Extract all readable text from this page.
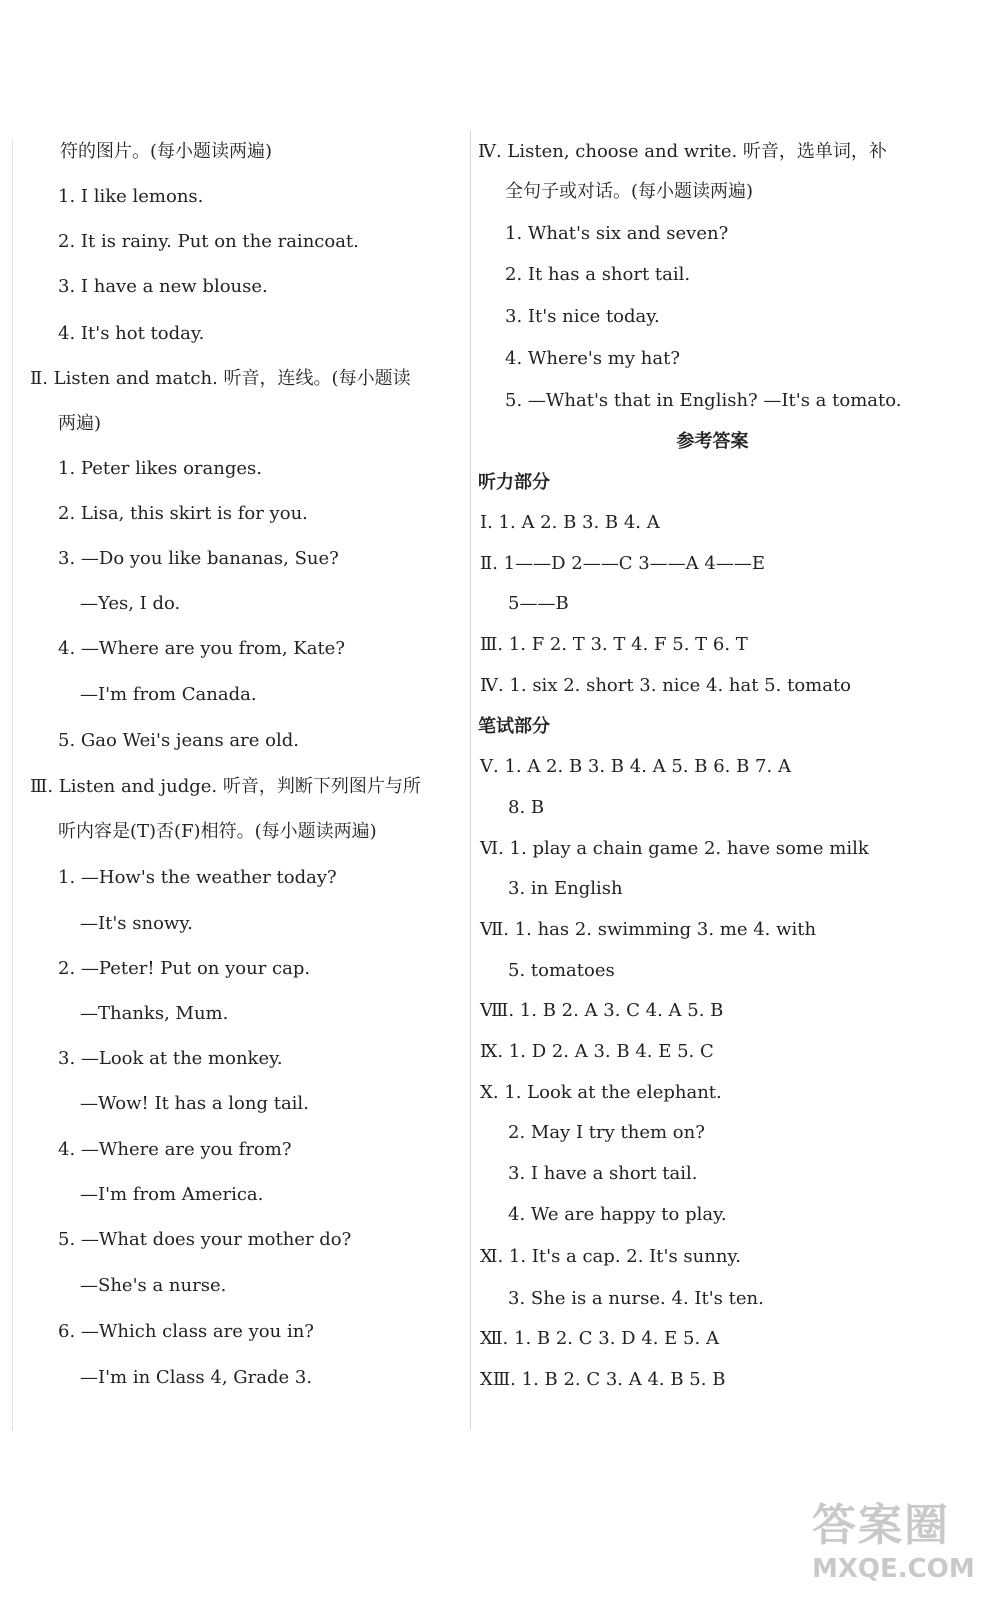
符的图片。(每小题读两遍)
1. I like lemons.
2. It is rainy. Put on the raincoat.
3. I have a new blouse.
4. It's hot today.
Ⅱ. Listen and match. 听音，连线。(每小题读
两遍)
1. Peter likes oranges.
2. Lisa, this skirt is for you.
3. —Do you like bananas, Sue?
—Yes, I do.
4. —Where are you from, Kate?
—I'm from Canada.
5. Gao Wei's jeans are old.
Ⅲ. Listen and judge. 听音，判断下列图片与所
听内容是(T)否(F)相符。(每小题读两遍)
1. —How's the weather today?
—It's snowy.
2. —Peter! Put on your cap.
—Thanks, Mum.
3. —Look at the monkey.
—Wow! It has a long tail.
4. —Where are you from?
—I'm from America.
5. —What does your mother do?
—She's a nurse.
6. —Which class are you in?
—I'm in Class 4, Grade 3.
Ⅳ. Listen, choose and write. 听音，选单词，补
全句子或对话。(每小题读两遍)
1. What's six and seven?
2. It has a short tail.
3. It's nice today.
4. Where's my hat?
5. —What's that in English? —It's a tomato.
参考答案
听力部分
Ⅰ. 1. A 2. B 3. B 4. A
Ⅱ. 1——D 2——C 3——A 4——E
5——B
Ⅲ. 1. F 2. T 3. T 4. F 5. T 6. T
Ⅳ. 1. six 2. short 3. nice 4. hat 5. tomato
笔试部分
Ⅴ. 1. A 2. B 3. B 4. A 5. B 6. B 7. A
8. B
Ⅵ. 1. play a chain game 2. have some milk
3. in English
Ⅶ. 1. has 2. swimming 3. me 4. with
5. tomatoes
Ⅷ. 1. B 2. A 3. C 4. A 5. B
Ⅸ. 1. D 2. A 3. B 4. E 5. C
Ⅹ. 1. Look at the elephant.
2. May I try them on?
3. I have a short tail.
4. We are happy to play.
Ⅺ. 1. It's a cap. 2. It's sunny.
3. She is a nurse. 4. It's ten.
Ⅻ. 1. B 2. C 3. D 4. E 5. A
ⅩⅢ. 1. B 2. C 3. A 4. B 5. B
答案圈
MXQE.COM
